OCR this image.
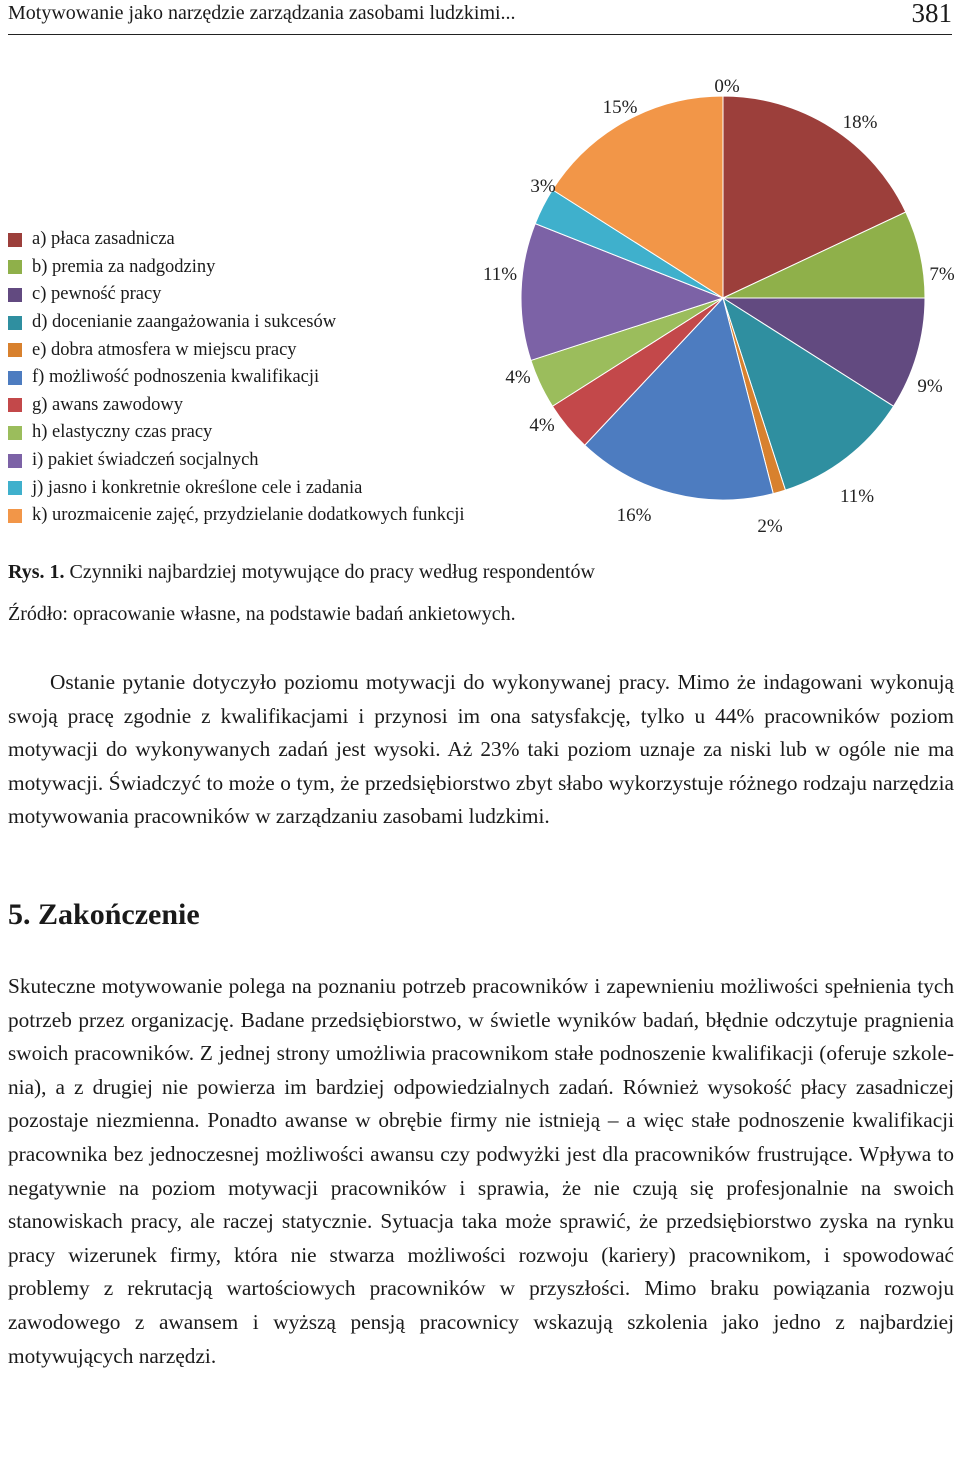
Motywowanie jako narzędzie zarządzania zasobami ludzkimi...	381
a) płaca zasadnicza
b) premia za nadgodziny
c) pewność pracy
d) docenianie zaangażowania i sukcesów
e) dobra atmosfera w miejscu pracy
f) możliwość podnoszenia kwalifikacji
g) awans zawodowy
h) elastyczny czas pracy
i) pakiet świadczeń socjalnych
j) jasno i konkretnie określone cele i zadania
k) urozmaicenie zajęć, przydzielanie dodatkowych funkcji
18%
7%
9%
11%
2%
16%
4%
4%
11%
3%
15%
0%
Rys. 1. Czynniki najbardziej motywujące do pracy według respondentów
Źródło: opracowanie własne, na podstawie badań ankietowych.

Ostanie pytanie dotyczyło poziomu motywacji do wykonywanej pracy. Mimo że indagowani wykonują swoją pracę zgodnie z kwalifikacjami i przynosi im ona satysfakcję, tylko u 44% pracowników poziom motywacji do wykonywanych zadań jest wysoki. Aż 23% taki poziom uznaje za niski lub w ogóle nie ma motywacji. Świadczyć to może o tym, że przedsiębiorstwo zbyt słabo wykorzystuje różnego rodzaju narzędzia motywowania pracowników w zarządzaniu zasobami ludzkimi.

5. Zakończenie

Skuteczne motywowanie polega na poznaniu potrzeb pracowników i zapewnieniu możliwości spełnienia tych potrzeb przez organizację. Badane przedsiębiorstwo, w świetle wyników badań, błędnie odczytuje pragnienia swoich pracowników. Z jednej strony umożliwia pracownikom stałe podnoszenie kwalifikacji (oferuje szkolenia), a z drugiej nie powierza im bardziej odpowiedzialnych zadań. Również wysokość płacy zasadniczej pozostaje niezmienna. Ponadto awanse w obrębie firmy nie istnieją – a więc stałe podnoszenie kwalifikacji pracownika bez jednoczesnej możliwości awansu czy podwyżki jest dla pracowników frustrujące. Wpływa to negatywnie na poziom motywacji pracowników i sprawia, że nie czują się profesjonalnie na swoich stanowiskach pracy, ale raczej statycznie. Sytuacja taka może sprawić, że przedsiębiorstwo zyska na rynku pracy wizerunek firmy, która nie stwarza możliwości rozwoju (kariery) pracownikom, i spowodować problemy z rekrutacją wartościowych pracowników w przyszłości. Mimo braku powiązania rozwoju zawodowego z awansem i wyższą pensją pracownicy wskazują szkolenia jako jedno z najbardziej motywujących narzędzi.
